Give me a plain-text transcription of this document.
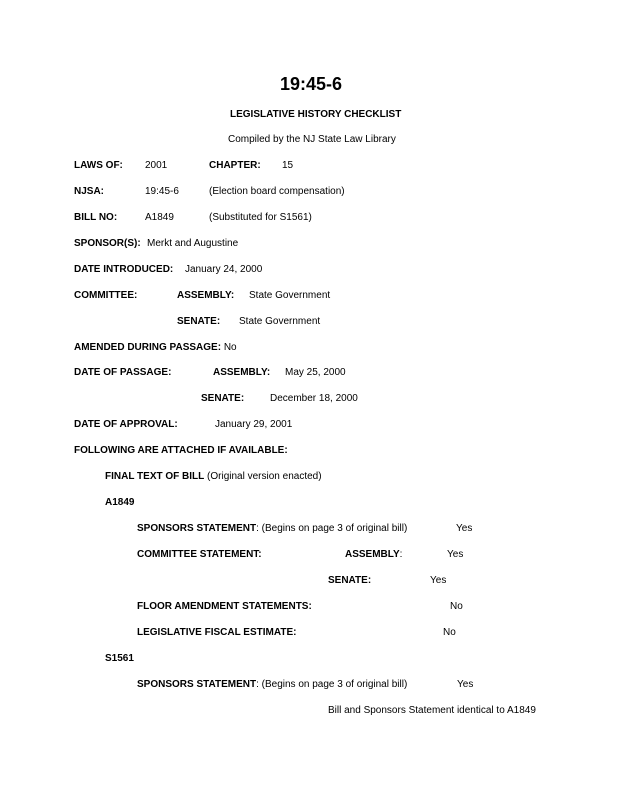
19:45-6
LEGISLATIVE HISTORY CHECKLIST
Compiled by the NJ State Law Library
LAWS OF: 2001	CHAPTER: 15
NJSA:	19:45-6	(Election board compensation)
BILL NO:	A1849	(Substituted for S1561)
SPONSOR(S): Merkt and Augustine
DATE INTRODUCED: January 24, 2000
COMMITTEE:	ASSEMBLY: State Government
SENATE: State Government
AMENDED DURING PASSAGE: No
DATE OF PASSAGE:	ASSEMBLY: May 25, 2000
SENATE:	December 18, 2000
DATE OF APPROVAL:	January 29, 2001
FOLLOWING ARE ATTACHED IF AVAILABLE:
FINAL TEXT OF BILL (Original version enacted)
A1849
SPONSORS STATEMENT: (Begins on page 3 of original bill)	Yes
COMMITTEE STATEMENT:	ASSEMBLY:	Yes
SENATE:	Yes
FLOOR AMENDMENT STATEMENTS:	No
LEGISLATIVE FISCAL ESTIMATE:	No
S1561
SPONSORS STATEMENT: (Begins on page 3 of original bill)	Yes
Bill and Sponsors Statement identical to A1849
